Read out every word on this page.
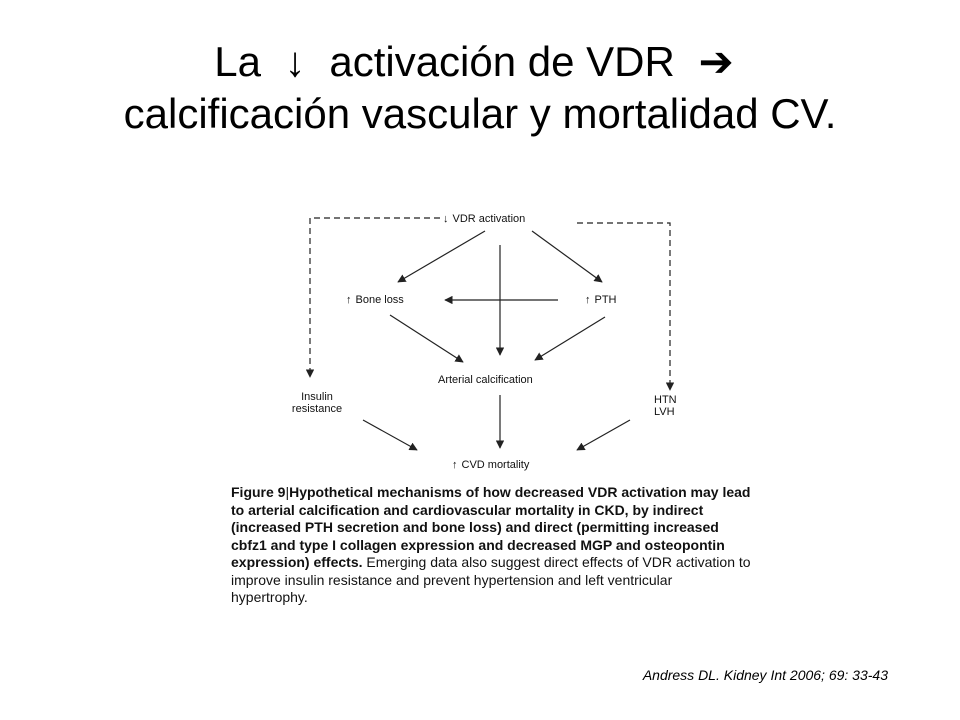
La ↓ activación de VDR ➔
calcificación vascular y mortalidad CV.
↓ VDR activation
↑ Bone loss	↑ PTH
Arterial calcification
Insulin
resistance
HTN
LVH
↑ CVD mortality
Figure 9|Hypothetical mechanisms of how decreased VDR activation may lead to arterial calcification and cardiovascular mortality in CKD, by indirect (increased PTH secretion and bone loss) and direct (permitting increased cbfz1 and type I collagen expression and decreased MGP and osteopontin expression) effects. Emerging data also suggest direct effects of VDR activation to improve insulin resistance and prevent hypertension and left ventricular hypertrophy.
Andress DL. Kidney Int 2006; 69: 33-43
